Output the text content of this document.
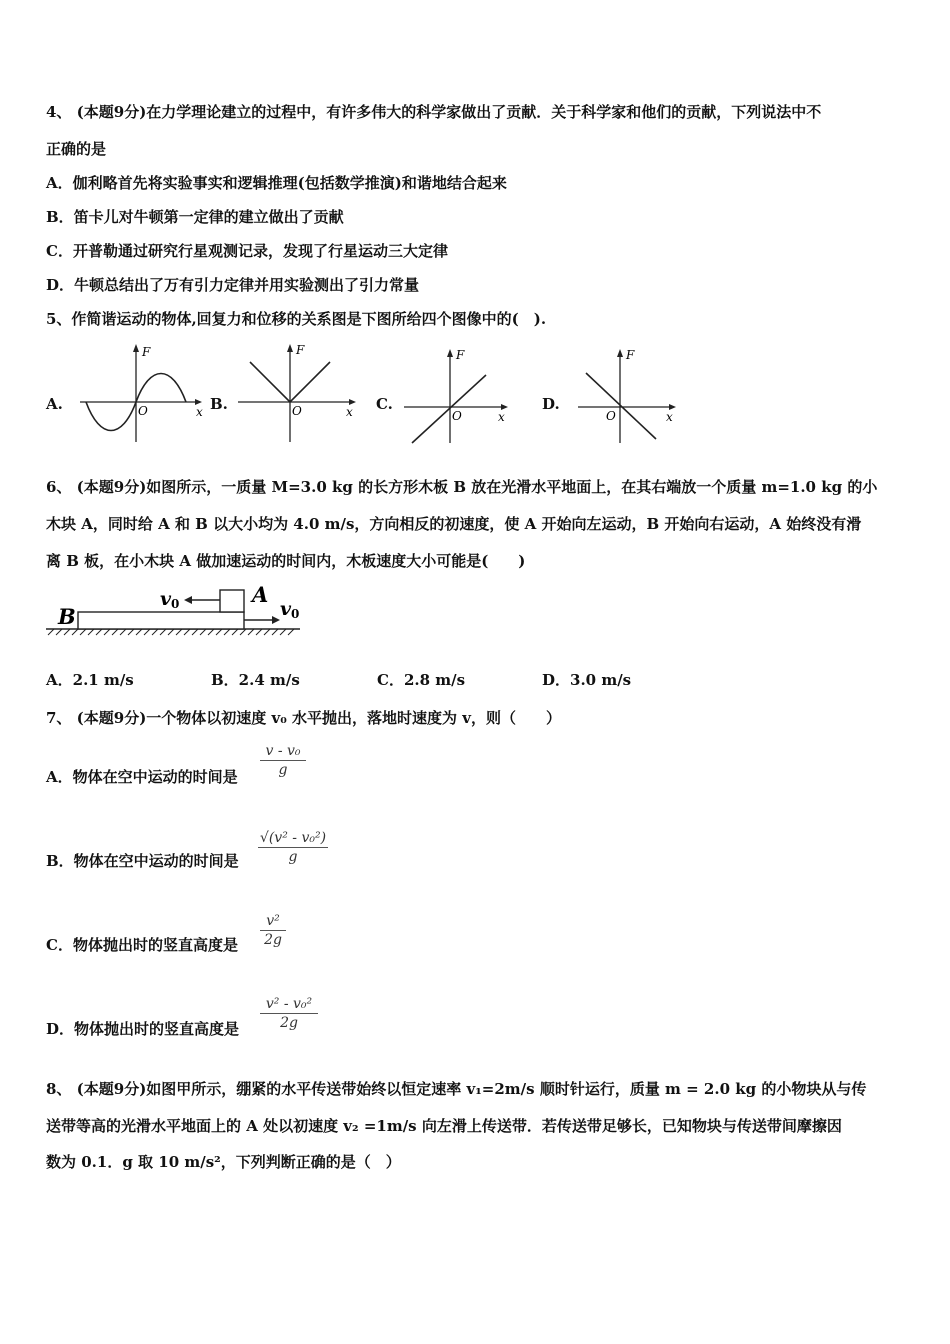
4、 (本题9分)在力学理论建立的过程中，有许多伟大的科学家做出了贡献．关于科学家和他们的贡献，下列说法中不
正确的是
A．伽利略首先将实验事实和逻辑推理(包括数学推演)和谐地结合起来
B．笛卡儿对牛顿第一定律的建立做出了贡献
C．开普勒通过研究行星观测记录，发现了行星运动三大定律
D．牛顿总结出了万有引力定律并用实验测出了引力常量
5、作简谐运动的物体,回复力和位移的关系图是下图所给四个图像中的(　).
A.
F
x
O	B.
F
x
O	C.
F
x
O
D.
F
x
O
6、 (本题9分)如图所示，一质量 M=3.0 kg 的长方形木板 B 放在光滑水平地面上，在其右端放一个质量 m=1.0 kg 的小
木块 A，同时给 A 和 B 以大小均为 4.0 m/s，方向相反的初速度，使 A 开始向左运动，B 开始向右运动，A 始终没有滑
离 B 板，在小木块 A 做加速运动的时间内，木板速度大小可能是(　　)
B
A
v0	v0
A．2.1 m/s	B．2.4 m/s	C．2.8 m/s	D．3.0 m/s
7、 (本题9分)一个物体以初速度 v₀ 水平抛出，落地时速度为 v，则（　　）
A．物体在空中运动的时间是
v - v₀
g
B．物体在空中运动的时间是
√(v² - v₀²)
g
C．物体抛出时的竖直高度是
v²
2g
D．物体抛出时的竖直高度是
v² - v₀²
2g
8、 (本题9分)如图甲所示，绷紧的水平传送带始终以恒定速率 v₁=2m/s 顺时针运行，质量 m = 2.0 kg 的小物块从与传
送带等高的光滑水平地面上的 A 处以初速度 v₂ =1m/s 向左滑上传送带．若传送带足够长，已知物块与传送带间摩擦因
数为 0.1．g 取 10 m/s²，下列判断正确的是（　）
